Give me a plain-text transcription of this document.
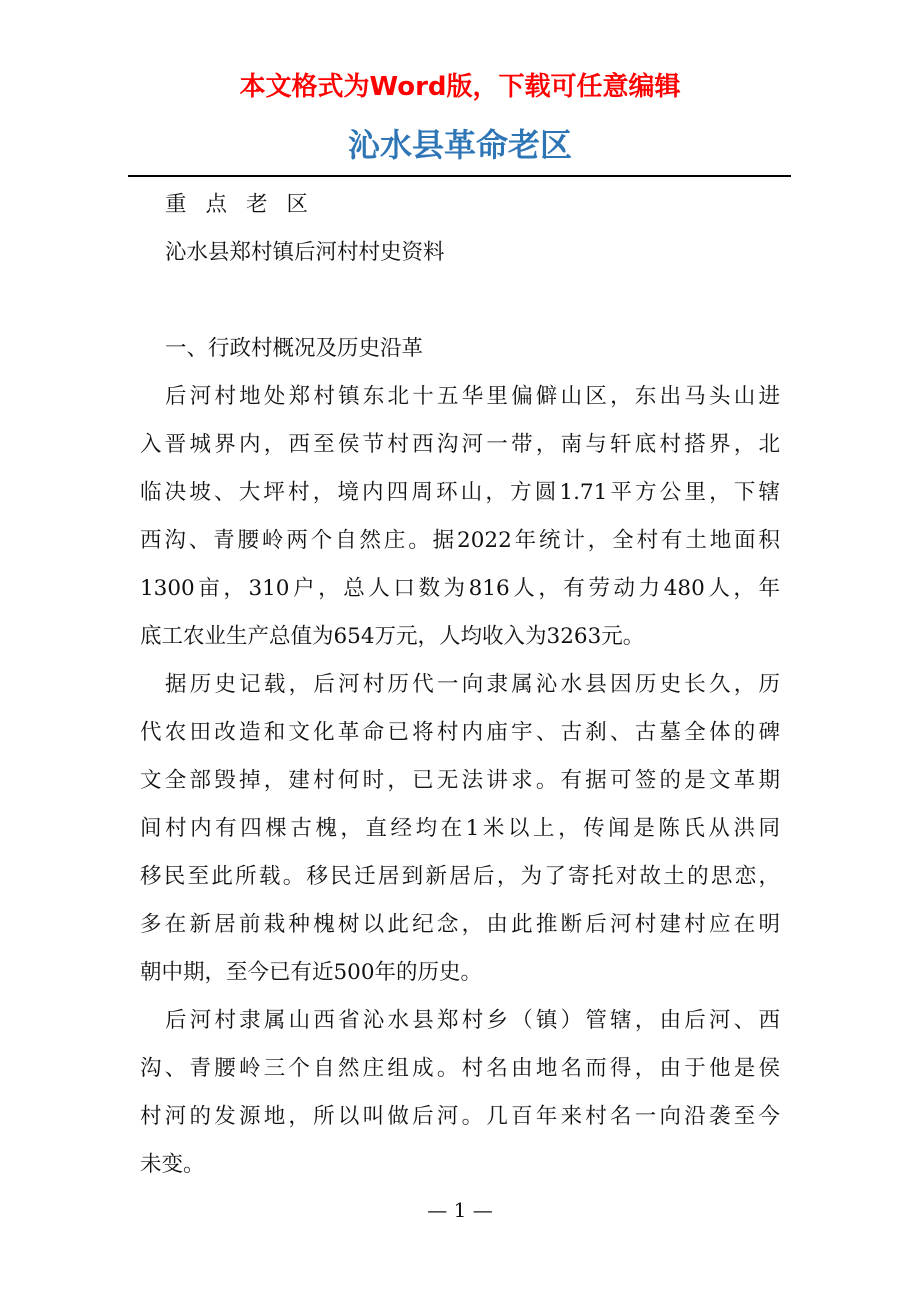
本文格式为Word版，下载可任意编辑
沁水县革命老区
重点老区
沁水县郑村镇后河村村史资料
一、行政村概况及历史沿革
后河村地处郑村镇东北十五华里偏僻山区，东出马头山进
入晋城界内，西至侯节村西沟河一带，南与轩底村搭界，北
临决坡、大坪村，境内四周环山，方圆1.71平方公里，下辖
西沟、青腰岭两个自然庄。据2022年统计，全村有土地面积
1300亩，310户，总人口数为816人，有劳动力480人，年
底工农业生产总值为654万元，人均收入为3263元。
据历史记载，后河村历代一向隶属沁水县因历史长久，历
代农田改造和文化革命已将村内庙宇、古刹、古墓全体的碑
文全部毁掉，建村何时，已无法讲求。有据可签的是文革期
间村内有四棵古槐，直经均在1米以上，传闻是陈氏从洪同
移民至此所载。移民迁居到新居后，为了寄托对故土的思恋，
多在新居前栽种槐树以此纪念，由此推断后河村建村应在明
朝中期，至今已有近500年的历史。
后河村隶属山西省沁水县郑村乡（镇）管辖，由后河、西
沟、青腰岭三个自然庄组成。村名由地名而得，由于他是侯
村河的发源地，所以叫做后河。几百年来村名一向沿袭至今
未变。
— 1 —
